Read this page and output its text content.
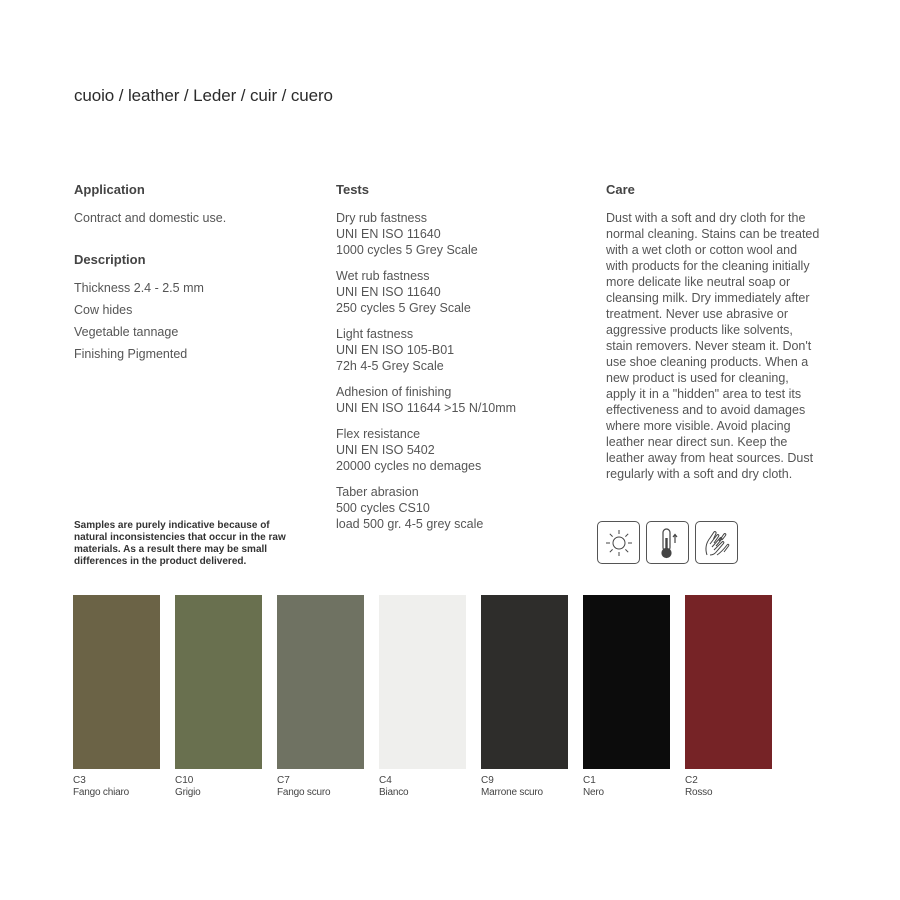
cuoio / leather / Leder / cuir / cuero
Application

Contract and domestic use.

Description
Thickness 2.4 - 2.5 mm
Cow hides
Vegetable tannage
Finishing Pigmented
Tests
Dry rub fastness
UNI EN ISO 11640
1000 cycles 5 Grey Scale
Wet rub fastness
UNI EN ISO 11640
250 cycles 5 Grey Scale
Light fastness
UNI EN ISO 105-B01
72h 4-5 Grey Scale
Adhesion of finishing
UNI EN ISO 11644 >15 N/10mm
Flex resistance
UNI EN ISO 5402
20000 cycles no demages
Taber abrasion
500 cycles CS10
load 500 gr. 4-5 grey scale
Care
Dust with a soft and dry cloth for the normal cleaning. Stains can be treated with a wet cloth or cotton wool and with products for the cleaning initially more delicate like neutral soap or cleansing milk. Dry immediately after treatment. Never use abrasive or aggressive products like solvents, stain removers. Never steam it. Don't use shoe cleaning products. When a new product is used for cleaning, apply it in a "hidden" area to test its effectiveness and to avoid damages where more visible. Avoid placing leather near direct sun. Keep the leather away from heat sources. Dust regularly with a soft and dry cloth.
Samples are purely indicative because of natural inconsistencies that occur in the raw materials. As a result there may be small differences in the product delivered.
C3
Fango chiaro
C10
Grigio
C7
Fango scuro
C4
Bianco
C9
Marrone scuro
C1
Nero
C2
Rosso
